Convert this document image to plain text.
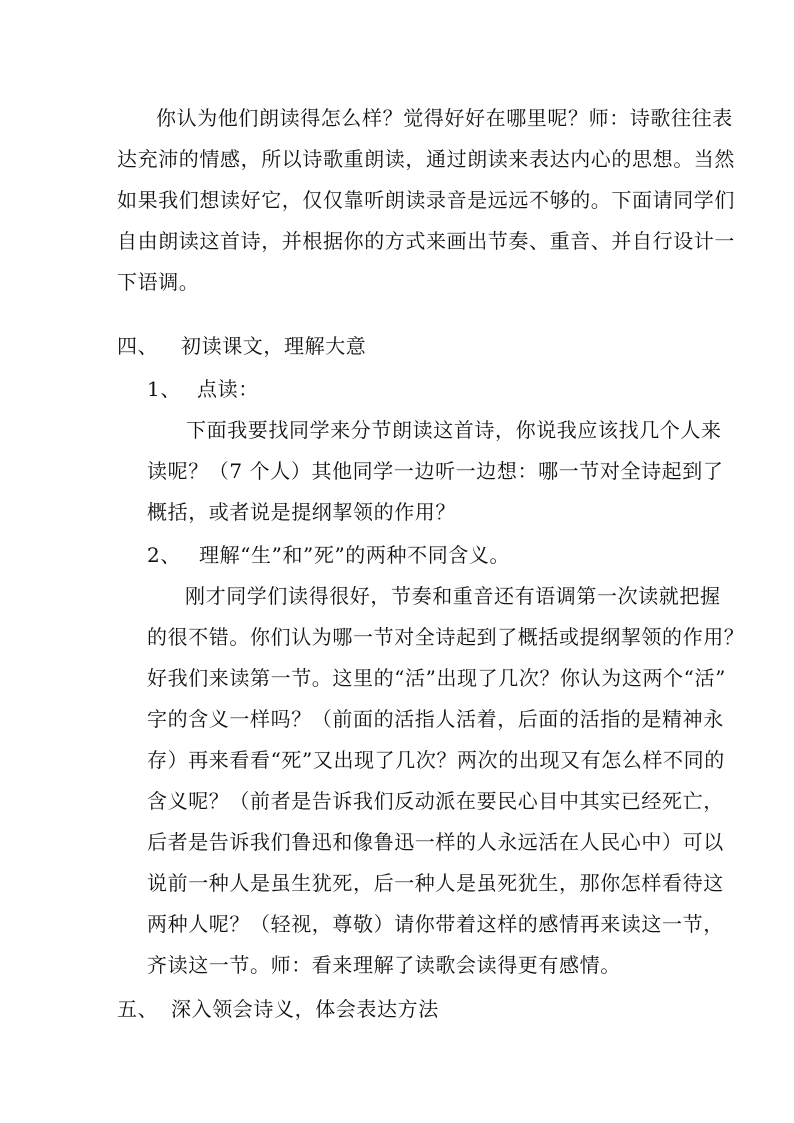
你认为他们朗读得怎么样？觉得好好在哪里呢？师：诗歌往往表
达充沛的情感，所以诗歌重朗读，通过朗读来表达内心的思想。当然
如果我们想读好它，仅仅靠听朗读录音是远远不够的。下面请同学们
自由朗读这首诗，并根据你的方式来画出节奏、重音、并自行设计一
下语调。
四、 初读课文，理解大意
1、 点读：
下面我要找同学来分节朗读这首诗，你说我应该找几个人来
读呢？（7 个人）其他同学一边听一边想：哪一节对全诗起到了
概括，或者说是提纲挈领的作用？
2、 理解“生”和”死”的两种不同含义。
刚才同学们读得很好，节奏和重音还有语调第一次读就把握
的很不错。你们认为哪一节对全诗起到了概括或提纲挈领的作用？
好我们来读第一节。这里的“活”出现了几次？你认为这两个“活”
字的含义一样吗？（前面的活指人活着，后面的活指的是精神永
存）再来看看“死”又出现了几次？两次的出现又有怎么样不同的
含义呢？（前者是告诉我们反动派在要民心目中其实已经死亡，
后者是告诉我们鲁迅和像鲁迅一样的人永远活在人民心中）可以
说前一种人是虽生犹死，后一种人是虽死犹生，那你怎样看待这
两种人呢？（轻视，尊敬）请你带着这样的感情再来读这一节，
齐读这一节。师：看来理解了读歌会读得更有感情。
五、 深入领会诗义，体会表达方法
